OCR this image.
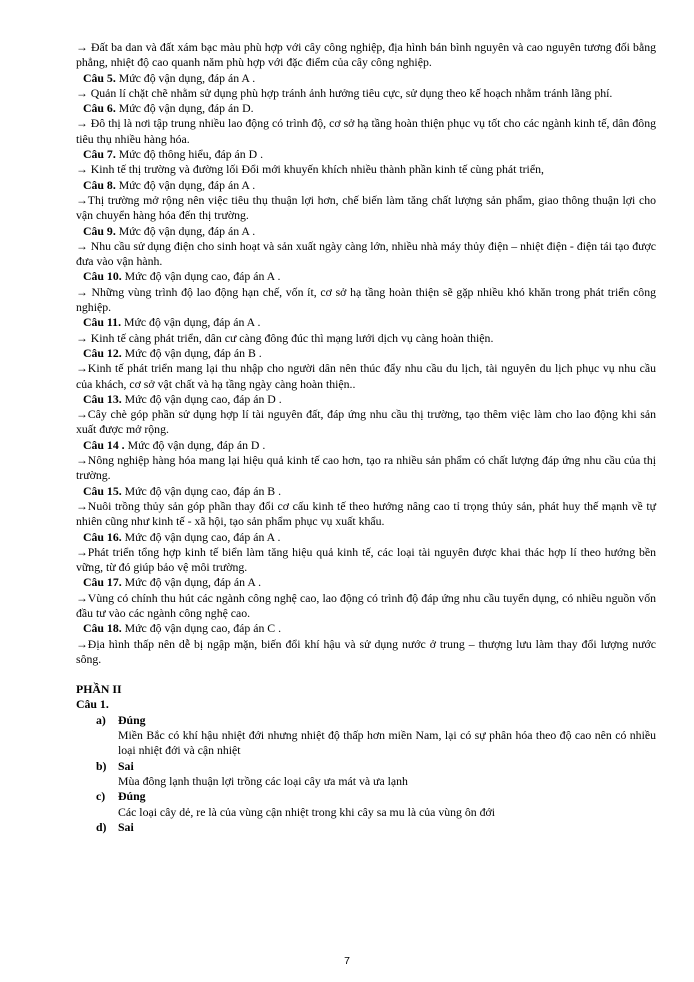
→ Đất ba dan và đất xám bạc màu phù hợp với cây công nghiệp, địa hình bán bình nguyên và cao nguyên tương đối bằng phẳng, nhiệt độ cao quanh năm phù hợp với đặc điểm của cây công nghiệp.

Câu 5. Mức độ vận dụng, đáp án A .

→ Quản lí chặt chẽ nhằm sử dụng phù hợp tránh ảnh hưởng tiêu cực, sử dụng theo kế hoạch nhằm tránh lãng phí.

Câu 6. Mức độ vận dụng, đáp án D.

→ Đô thị là nơi tập trung nhiều lao động có trình độ, cơ sở hạ tầng hoàn thiện phục vụ tốt cho các ngành kinh tế, dân đông tiêu thụ nhiều hàng hóa.

Câu 7. Mức độ thông hiểu, đáp án D .

→ Kinh tế thị trường và đường lối Đổi mới khuyến khích nhiều thành phần kinh tế cùng phát triển,

Câu 8. Mức độ vận dụng, đáp án A .

→Thị trường mở rộng nên việc tiêu thụ thuận lợi hơn, chế biến làm tăng chất lượng sản phẩm, giao thông thuận lợi cho vận chuyển hàng hóa đến thị trường.

Câu 9. Mức độ vận dụng, đáp án A .

→ Nhu cầu sử dụng điện cho sinh hoạt và sản xuất ngày càng lớn, nhiều nhà máy thủy điện – nhiệt điện - điện tái tạo được đưa vào vận hành.

Câu 10. Mức độ vận dụng cao, đáp án A .

→ Những vùng trình độ lao động hạn chế, vốn ít, cơ sở hạ tầng hoàn thiện sẽ gặp nhiều khó khăn trong phát triển công nghiệp.

Câu 11. Mức độ vận dụng, đáp án A .

→ Kinh tế càng phát triển, dân cư càng đông đúc thì mạng lưới dịch vụ càng hoàn thiện.

Câu 12. Mức độ vận dụng, đáp án B .

→Kinh tế phát triển mang lại thu nhập cho người dân nên thúc đẩy nhu cầu du lịch, tài nguyên du lịch phục vụ nhu cầu của khách, cơ sở vật chất và hạ tầng ngày càng hoàn thiện..

Câu 13. Mức độ vận dụng cao, đáp án D .

→Cây chè góp phần sử dụng hợp lí tài nguyên đất, đáp ứng nhu cầu thị trường, tạo thêm việc làm cho lao động khi sản xuất được mở rộng.

Câu 14 . Mức độ vận dụng, đáp án D .

→Nông nghiệp hàng hóa mang lại hiệu quả kinh tế cao hơn, tạo ra nhiều sản phẩm có chất lượng đáp ứng nhu cầu của thị trường.

Câu 15. Mức độ vận dụng cao, đáp án B .

→Nuôi trồng thủy sản góp phần thay đổi cơ cấu kinh tế theo hướng nâng cao tỉ trọng thủy sản, phát huy thế mạnh về tự nhiên cũng như kinh tế - xã hội, tạo sản phẩm phục vụ xuất khẩu.

Câu 16. Mức độ vận dụng cao, đáp án A .

→Phát triển tổng hợp kinh tế biển làm tăng hiệu quả kinh tế, các loại tài nguyên được khai thác hợp lí theo hướng bền vững, từ đó giúp bảo vệ môi trường.

Câu 17. Mức độ vận dụng, đáp án A .

→Vùng có chính thu hút các ngành công nghệ cao, lao động có trình độ đáp ứng nhu cầu tuyển dụng, có nhiều nguồn vốn đầu tư vào các ngành công nghệ cao.

Câu 18. Mức độ vận dụng cao, đáp án C .

→Địa hình thấp nên dễ bị ngập mặn, biến đổi khí hậu và sử dụng nước ở trung – thượng lưu làm thay đổi lượng nước sông.

PHẦN II
Câu 1.
a) Đúng
Miền Bắc có khí hậu nhiệt đới nhưng nhiệt độ thấp hơn miền Nam, lại có sự phân hóa theo độ cao nên có nhiều loại nhiệt đới và cận nhiệt
b) Sai
Mùa đông lạnh thuận lợi trồng các loại cây ưa mát và ưa lạnh
c) Đúng
Các loại cây dẻ, re là của vùng cận nhiệt trong khi cây sa mu là của vùng ôn đới
d) Sai
7
